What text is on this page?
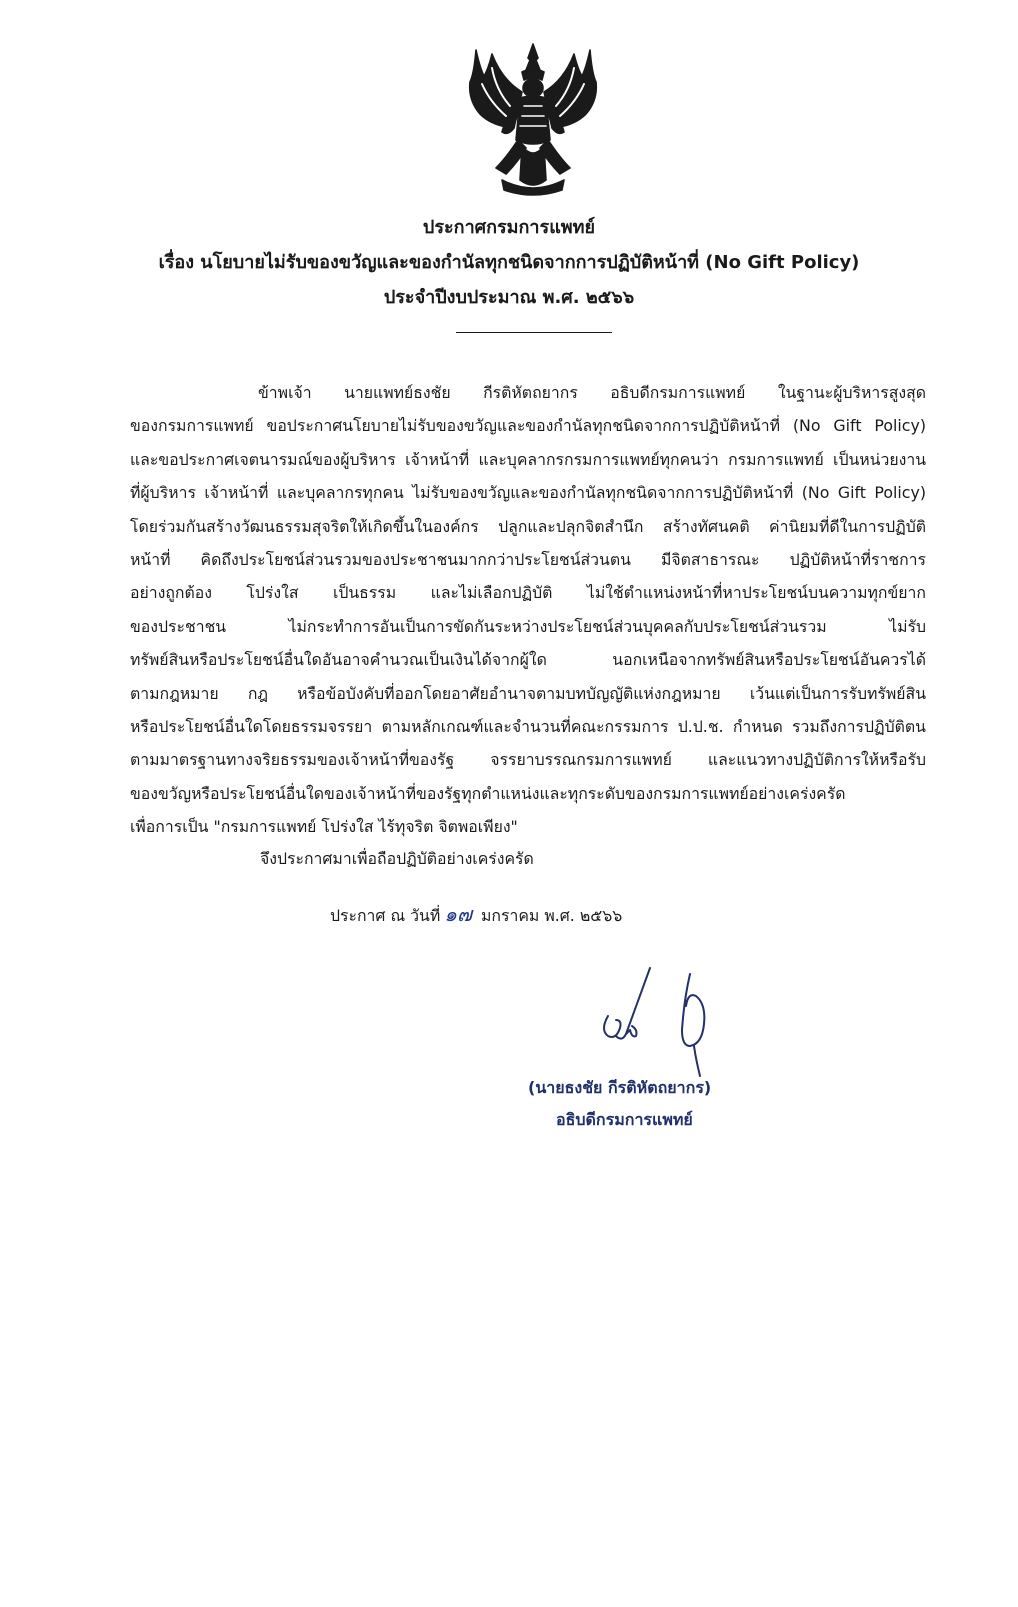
ประกาศกรมการแพทย์
เรื่อง นโยบายไม่รับของขวัญและของกำนัลทุกชนิดจากการปฏิบัติหน้าที่ (No Gift Policy)
ประจำปีงบประมาณ พ.ศ. ๒๕๖๖
ข้าพเจ้า นายแพทย์ธงชัย กีรติหัตถยากร อธิบดีกรมการแพทย์ ในฐานะผู้บริหารสูงสุด
ของกรมการแพทย์ ขอประกาศนโยบายไม่รับของขวัญและของกำนัลทุกชนิดจากการปฏิบัติหน้าที่ (No Gift Policy)
และขอประกาศเจตนารมณ์ของผู้บริหาร เจ้าหน้าที่ และบุคลากรกรมการแพทย์ทุกคนว่า กรมการแพทย์ เป็นหน่วยงาน
ที่ผู้บริหาร เจ้าหน้าที่ และบุคลากรทุกคน ไม่รับของขวัญและของกำนัลทุกชนิดจากการปฏิบัติหน้าที่ (No Gift Policy)
โดยร่วมกันสร้างวัฒนธรรมสุจริตให้เกิดขึ้นในองค์กร ปลูกและปลุกจิตสำนึก สร้างทัศนคติ ค่านิยมที่ดีในการปฏิบัติ
หน้าที่ คิดถึงประโยชน์ส่วนรวมของประชาชนมากกว่าประโยชน์ส่วนตน มีจิตสาธารณะ ปฏิบัติหน้าที่ราชการ
อย่างถูกต้อง โปร่งใส เป็นธรรม และไม่เลือกปฏิบัติ ไม่ใช้ตำแหน่งหน้าที่หาประโยชน์บนความทุกข์ยาก
ของประชาชน ไม่กระทำการอันเป็นการขัดกันระหว่างประโยชน์ส่วนบุคคลกับประโยชน์ส่วนรวม ไม่รับ
ทรัพย์สินหรือประโยชน์อื่นใดอันอาจคำนวณเป็นเงินได้จากผู้ใด นอกเหนือจากทรัพย์สินหรือประโยชน์อันควรได้
ตามกฎหมาย กฎ หรือข้อบังคับที่ออกโดยอาศัยอำนาจตามบทบัญญัติแห่งกฎหมาย เว้นแต่เป็นการรับทรัพย์สิน
หรือประโยชน์อื่นใดโดยธรรมจรรยา ตามหลักเกณฑ์และจำนวนที่คณะกรรมการ ป.ป.ช. กำหนด รวมถึงการปฏิบัติตน
ตามมาตรฐานทางจริยธรรมของเจ้าหน้าที่ของรัฐ จรรยาบรรณกรมการแพทย์ และแนวทางปฏิบัติการให้หรือรับ
ของขวัญหรือประโยชน์อื่นใดของเจ้าหน้าที่ของรัฐทุกตำแหน่งและทุกระดับของกรมการแพทย์อย่างเคร่งครัด
เพื่อการเป็น "กรมการแพทย์ โปร่งใส ไร้ทุจริต จิตพอเพียง"
จึงประกาศมาเพื่อถือปฏิบัติอย่างเคร่งครัด
ประกาศ ณ วันที่ ๑๗ มกราคม พ.ศ. ๒๕๖๖
(นายธงชัย กีรติหัตถยากร)
อธิบดีกรมการแพทย์
